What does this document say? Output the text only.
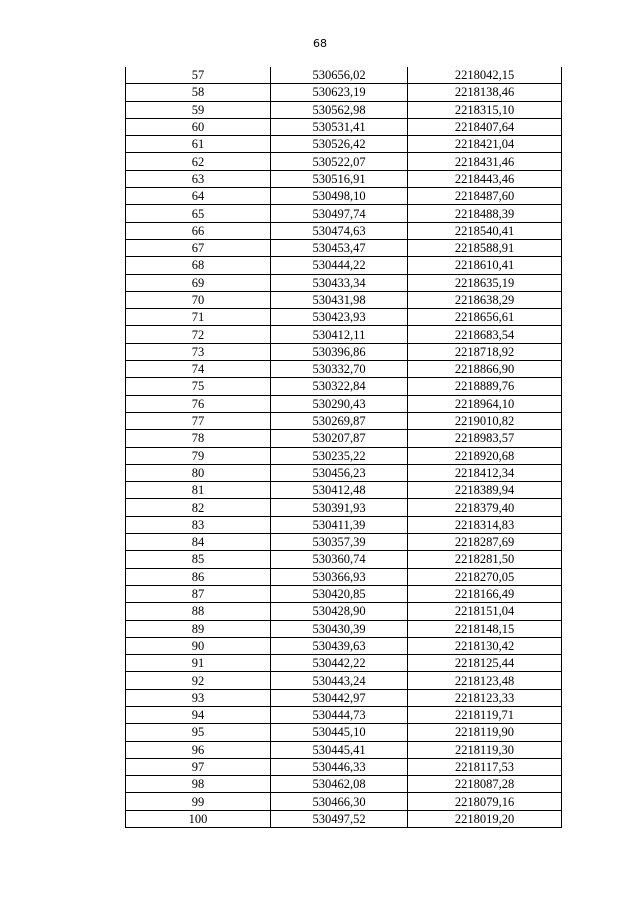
68
57	530656,02	2218042,15
58	530623,19	2218138,46
59	530562,98	2218315,10
60	530531,41	2218407,64
61	530526,42	2218421,04
62	530522,07	2218431,46
63	530516,91	2218443,46
64	530498,10	2218487,60
65	530497,74	2218488,39
66	530474,63	2218540,41
67	530453,47	2218588,91
68	530444,22	2218610,41
69	530433,34	2218635,19
70	530431,98	2218638,29
71	530423,93	2218656,61
72	530412,11	2218683,54
73	530396,86	2218718,92
74	530332,70	2218866,90
75	530322,84	2218889,76
76	530290,43	2218964,10
77	530269,87	2219010,82
78	530207,87	2218983,57
79	530235,22	2218920,68
80	530456,23	2218412,34
81	530412,48	2218389,94
82	530391,93	2218379,40
83	530411,39	2218314,83
84	530357,39	2218287,69
85	530360,74	2218281,50
86	530366,93	2218270,05
87	530420,85	2218166,49
88	530428,90	2218151,04
89	530430,39	2218148,15
90	530439,63	2218130,42
91	530442,22	2218125,44
92	530443,24	2218123,48
93	530442,97	2218123,33
94	530444,73	2218119,71
95	530445,10	2218119,90
96	530445,41	2218119,30
97	530446,33	2218117,53
98	530462,08	2218087,28
99	530466,30	2218079,16
100	530497,52	2218019,20
